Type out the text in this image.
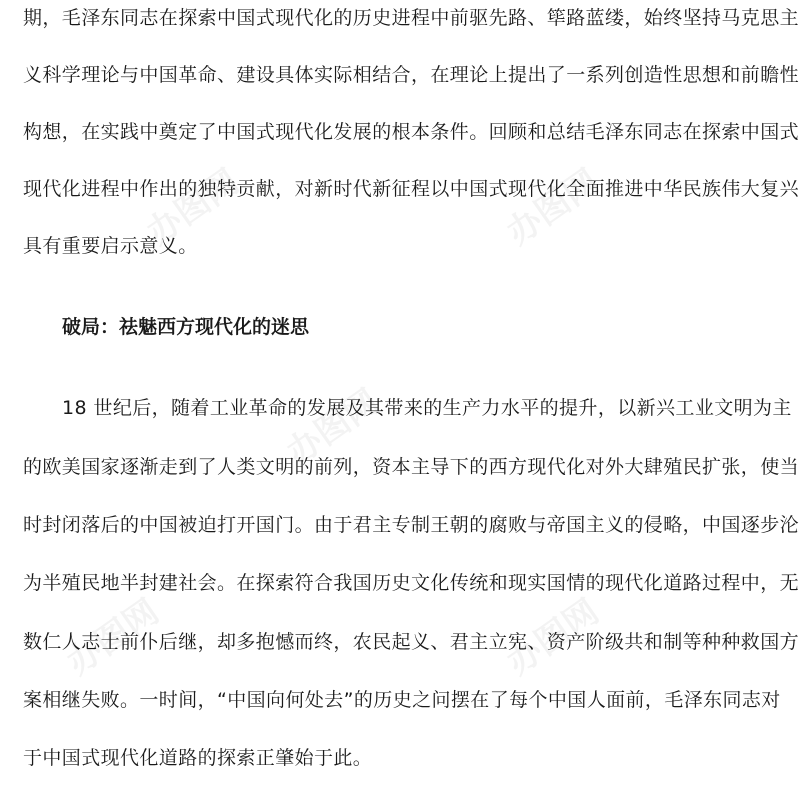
办图网	办图网
办图网
办图网	办图网
期，毛泽东同志在探索中国式现代化的历史进程中前驱先路、筚路蓝缕，始终坚持马克思主
义科学理论与中国革命、建设具体实际相结合，在理论上提出了一系列创造性思想和前瞻性
构想，在实践中奠定了中国式现代化发展的根本条件。回顾和总结毛泽东同志在探索中国式
现代化进程中作出的独特贡献，对新时代新征程以中国式现代化全面推进中华民族伟大复兴
具有重要启示意义。
破局：祛魅西方现代化的迷思
18 世纪后，随着工业革命的发展及其带来的生产力水平的提升，以新兴工业文明为主
的欧美国家逐渐走到了人类文明的前列，资本主导下的西方现代化对外大肆殖民扩张，使当
时封闭落后的中国被迫打开国门。由于君主专制王朝的腐败与帝国主义的侵略，中国逐步沦
为半殖民地半封建社会。在探索符合我国历史文化传统和现实国情的现代化道路过程中，无
数仁人志士前仆后继，却多抱憾而终，农民起义、君主立宪、资产阶级共和制等种种救国方
案相继失败。一时间，“中国向何处去”的历史之问摆在了每个中国人面前，毛泽东同志对
于中国式现代化道路的探索正肇始于此。
